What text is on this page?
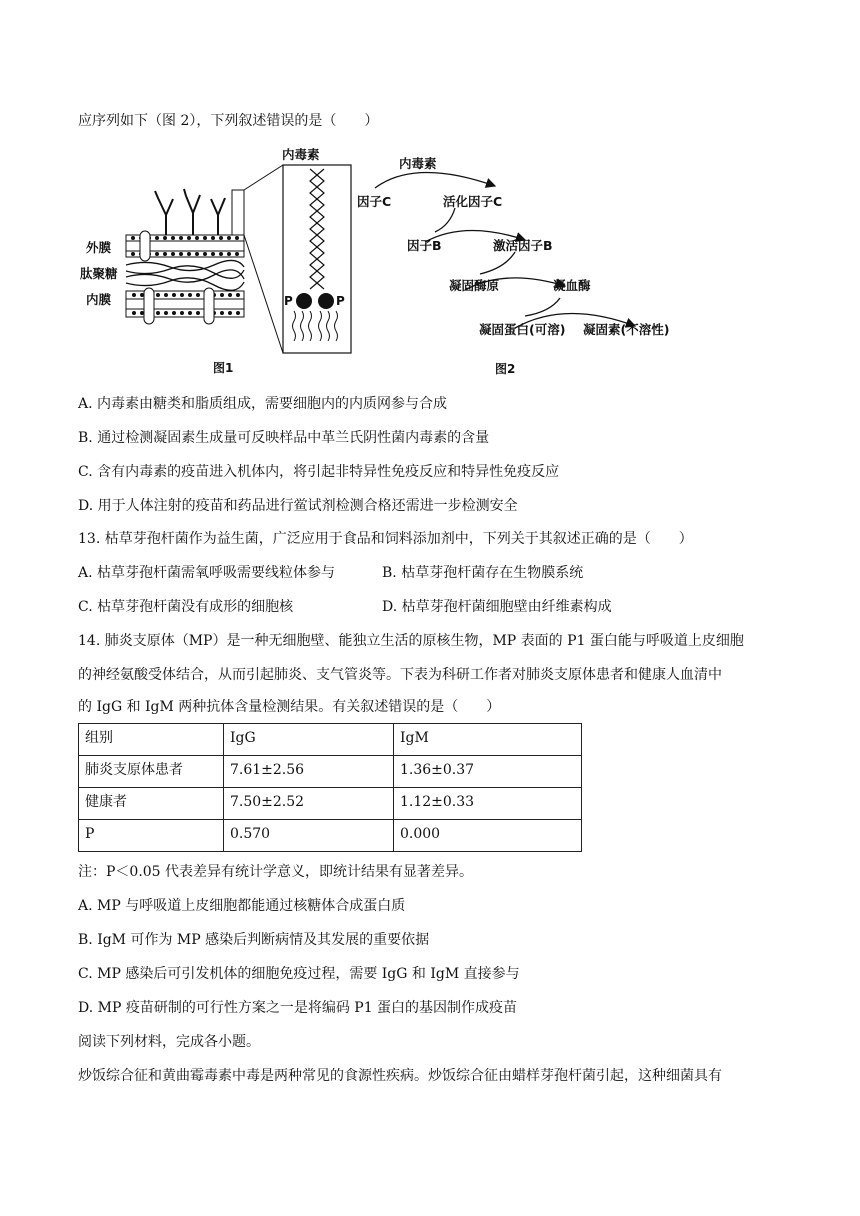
应序列如下（图 2），下列叙述错误的是（　　）
内毒素
外膜
肽聚糖
内膜	P	P
图1
内毒素
因子C	活化因子C
因子B	激活因子B
凝固酶原	凝血酶
凝固蛋白(可溶) 凝固素(不溶性)
图2
A. 内毒素由糖类和脂质组成，需要细胞内的内质网参与合成
B. 通过检测凝固素生成量可反映样品中革兰氏阴性菌内毒素的含量
C. 含有内毒素的疫苗进入机体内，将引起非特异性免疫反应和特异性免疫反应
D. 用于人体注射的疫苗和药品进行鲎试剂检测合格还需进一步检测安全
13. 枯草芽孢杆菌作为益生菌，广泛应用于食品和饲料添加剂中，下列关于其叙述正确的是（　　）
A. 枯草芽孢杆菌需氧呼吸需要线粒体参与	B. 枯草芽孢杆菌存在生物膜系统
C. 枯草芽孢杆菌没有成形的细胞核	D. 枯草芽孢杆菌细胞壁由纤维素构成
14. 肺炎支原体（MP）是一种无细胞壁、能独立生活的原核生物，MP 表面的 P1 蛋白能与呼吸道上皮细胞
的神经氨酸受体结合，从而引起肺炎、支气管炎等。下表为科研工作者对肺炎支原体患者和健康人血清中
的 IgG 和 IgM 两种抗体含量检测结果。有关叙述错误的是（　　）
组别	IgG	IgM
肺炎支原体患者	7.61±2.56	1.36±0.37
健康者	7.50±2.52	1.12±0.33
P	0.570	0.000
注：P＜0.05 代表差异有统计学意义，即统计结果有显著差异。
A. MP 与呼吸道上皮细胞都能通过核糖体合成蛋白质
B. IgM 可作为 MP 感染后判断病情及其发展的重要依据
C. MP 感染后可引发机体的细胞免疫过程，需要 IgG 和 IgM 直接参与
D. MP 疫苗研制的可行性方案之一是将编码 P1 蛋白的基因制作成疫苗
阅读下列材料，完成各小题。
炒饭综合征和黄曲霉毒素中毒是两种常见的食源性疾病。炒饭综合征由蜡样芽孢杆菌引起，这种细菌具有
